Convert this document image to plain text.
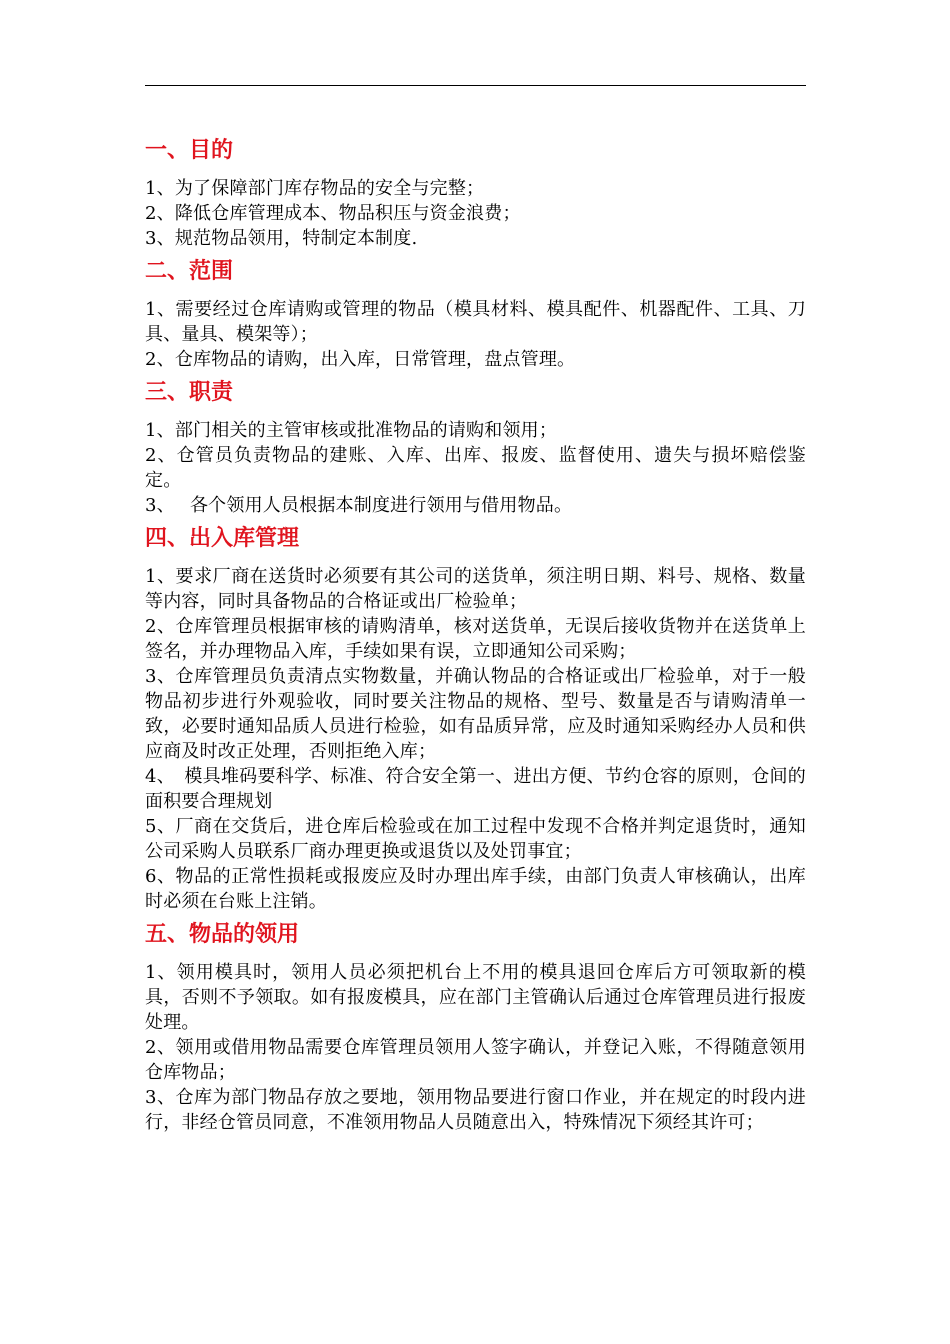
一、目的

1、为了保障部门库存物品的安全与完整；

2、降低仓库管理成本、物品积压与资金浪费；

3、规范物品领用，特制定本制度.

二、范围

1、需要经过仓库请购或管理的物品（模具材料、模具配件、机器配件、工具、刀具、量具、模架等）；

2、仓库物品的请购，出入库，日常管理，盘点管理。

三、职责

1、部门相关的主管审核或批准物品的请购和领用；

2、仓管员负责物品的建账、入库、出库、报废、监督使用、遗失与损坏赔偿鉴定。

3、　 各个领用人员根据本制度进行领用与借用物品。

四、出入库管理

1、要求厂商在送货时必须要有其公司的送货单，须注明日期、料号、规格、数量等内容，同时具备物品的合格证或出厂检验单；

2、仓库管理员根据审核的请购清单，核对送货单，无误后接收货物并在送货单上签名，并办理物品入库，手续如果有误，立即通知公司采购；

3、仓库管理员负责清点实物数量，并确认物品的合格证或出厂检验单，对于一般物品初步进行外观验收，同时要关注物品的规格、型号、数量是否与请购清单一致，必要时通知品质人员进行检验，如有品质异常，应及时通知采购经办人员和供应商及时改正处理，否则拒绝入库；

4、　模具堆码要科学、标准、符合安全第一、进出方便、节约仓容的原则，仓间的面积要合理规划

5、厂商在交货后，进仓库后检验或在加工过程中发现不合格并判定退货时，通知公司采购人员联系厂商办理更换或退货以及处罚事宜；

6、物品的正常性损耗或报废应及时办理出库手续，由部门负责人审核确认，出库时必须在台账上注销。

五、物品的领用

1、领用模具时，领用人员必须把机台上不用的模具退回仓库后方可领取新的模具，否则不予领取。如有报废模具，应在部门主管确认后通过仓库管理员进行报废处理。

2、领用或借用物品需要仓库管理员领用人签字确认，并登记入账，不得随意领用仓库物品；

3、仓库为部门物品存放之要地，领用物品要进行窗口作业，并在规定的时段内进行，非经仓管员同意，不准领用物品人员随意出入，特殊情况下须经其许可；
